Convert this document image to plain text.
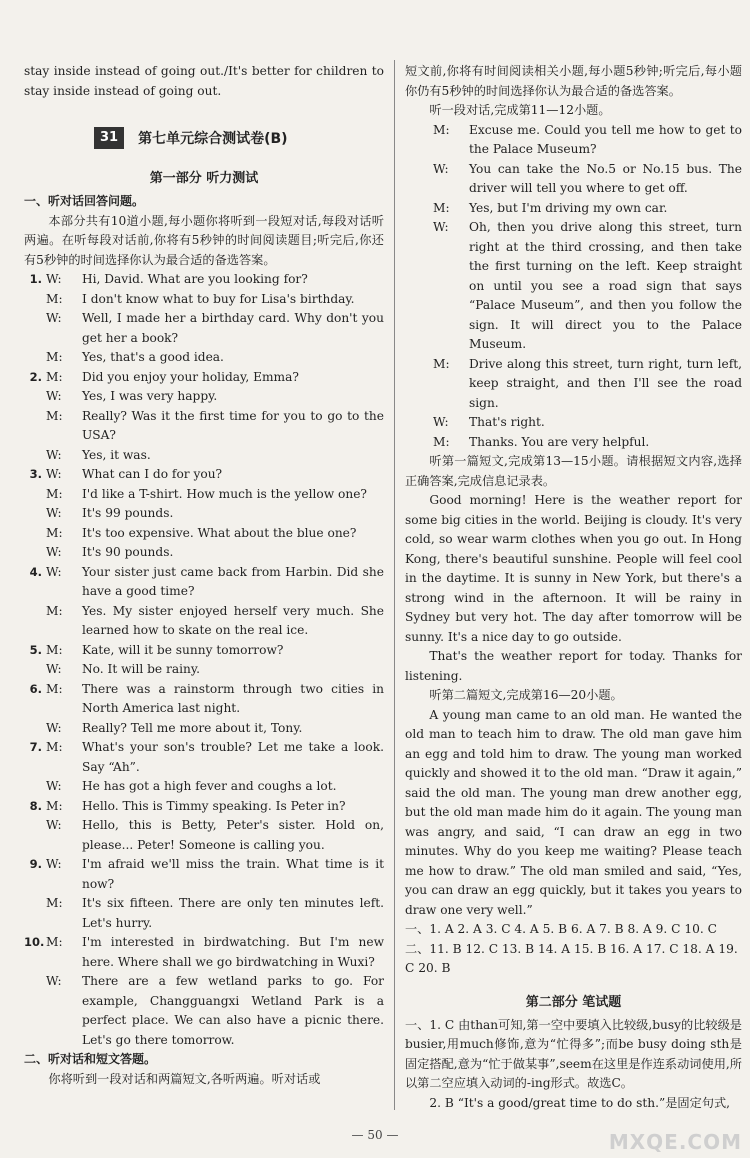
stay inside instead of going out./It's better for children to stay inside instead of going out.

31	第七单元综合测试卷(B)
第一部分 听力测试

一、听对话回答问题。

本部分共有10道小题,每小题你将听到一段短对话,每段对话听两遍。在听每段对话前,你将有5秒钟的时间阅读题目;听完后,你还有5秒钟的时间选择你认为最合适的备选答案。

1. W:	Hi, David. What are you looking for?
M:	I don't know what to buy for Lisa's birthday.
W:	Well, I made her a birthday card. Why don't you get her a book?
M:	Yes, that's a good idea.
2. M:	Did you enjoy your holiday, Emma?
W:	Yes, I was very happy.
M:	Really? Was it the first time for you to go to the USA?
W:	Yes, it was.
3. W:	What can I do for you?
M:	I'd like a T-shirt. How much is the yellow one?
W:	It's 99 pounds.
M:	It's too expensive. What about the blue one?
W:	It's 90 pounds.
4. W:	Your sister just came back from Harbin. Did she have a good time?
M:	Yes. My sister enjoyed herself very much. She learned how to skate on the real ice.
5. M:	Kate, will it be sunny tomorrow?
W:	No. It will be rainy.
6. M:	There was a rainstorm through two cities in North America last night.
W:	Really? Tell me more about it, Tony.
7. M:	What's your son's trouble? Let me take a look. Say “Ah”.
W:	He has got a high fever and coughs a lot.
8. M:	Hello. This is Timmy speaking. Is Peter in?
W:	Hello, this is Betty, Peter's sister. Hold on, please... Peter! Someone is calling you.
9. W:	I'm afraid we'll miss the train. What time is it now?
M:	It's six fifteen. There are only ten minutes left. Let's hurry.
10. M:	I'm interested in birdwatching. But I'm new here. Where shall we go birdwatching in Wuxi?
W:	There are a few wetland parks to go. For example, Changguangxi Wetland Park is a perfect place. We can also have a picnic there. Let's go there tomorrow.

二、听对话和短文答题。

你将听到一段对话和两篇短文,各听两遍。听对话或

短文前,你将有时间阅读相关小题,每小题5秒钟;听完后,每小题你仍有5秒钟的时间选择你认为最合适的备选答案。

听一段对话,完成第11—12小题。

M:	Excuse me. Could you tell me how to get to the Palace Museum?
W:	You can take the No.5 or No.15 bus. The driver will tell you where to get off.
M:	Yes, but I'm driving my own car.
W:	Oh, then you drive along this street, turn right at the third crossing, and then take the first turning on the left. Keep straight on until you see a road sign that says “Palace Museum”, and then you follow the sign. It will direct you to the Palace Museum.
M:	Drive along this street, turn right, turn left, keep straight, and then I'll see the road sign.
W:	That's right.
M:	Thanks. You are very helpful.

听第一篇短文,完成第13—15小题。请根据短文内容,选择正确答案,完成信息记录表。

Good morning! Here is the weather report for some big cities in the world. Beijing is cloudy. It's very cold, so wear warm clothes when you go out. In Hong Kong, there's beautiful sunshine. People will feel cool in the daytime. It is sunny in New York, but there's a strong wind in the afternoon. It will be rainy in Sydney but very hot. The day after tomorrow will be sunny. It's a nice day to go outside.

That's the weather report for today. Thanks for listening.

听第二篇短文,完成第16—20小题。

A young man came to an old man. He wanted the old man to teach him to draw. The old man gave him an egg and told him to draw. The young man worked quickly and showed it to the old man. “Draw it again,” said the old man. The young man drew another egg, but the old man made him do it again. The young man was angry, and said, “I can draw an egg in two minutes. Why do you keep me waiting? Please teach me how to draw.” The old man smiled and said, “Yes, you can draw an egg quickly, but it takes you years to draw one very well.”

一、1. A 2. A 3. C 4. A 5. B 6. A 7. B 8. A 9. C 10. C

二、11. B 12. C 13. B 14. A 15. B 16. A 17. C 18. A 19. C 20. B

第二部分 笔试题

一、1. C 由than可知,第一空中要填入比较级,busy的比较级是busier,用much修饰,意为“忙得多”;而be busy doing sth是固定搭配,意为“忙于做某事”,seem在这里是作连系动词使用,所以第二空应填入动词的-ing形式。故选C。

2. B “It's a good/great time to do sth.”是固定句式,

— 50 —	MXQE.COM
